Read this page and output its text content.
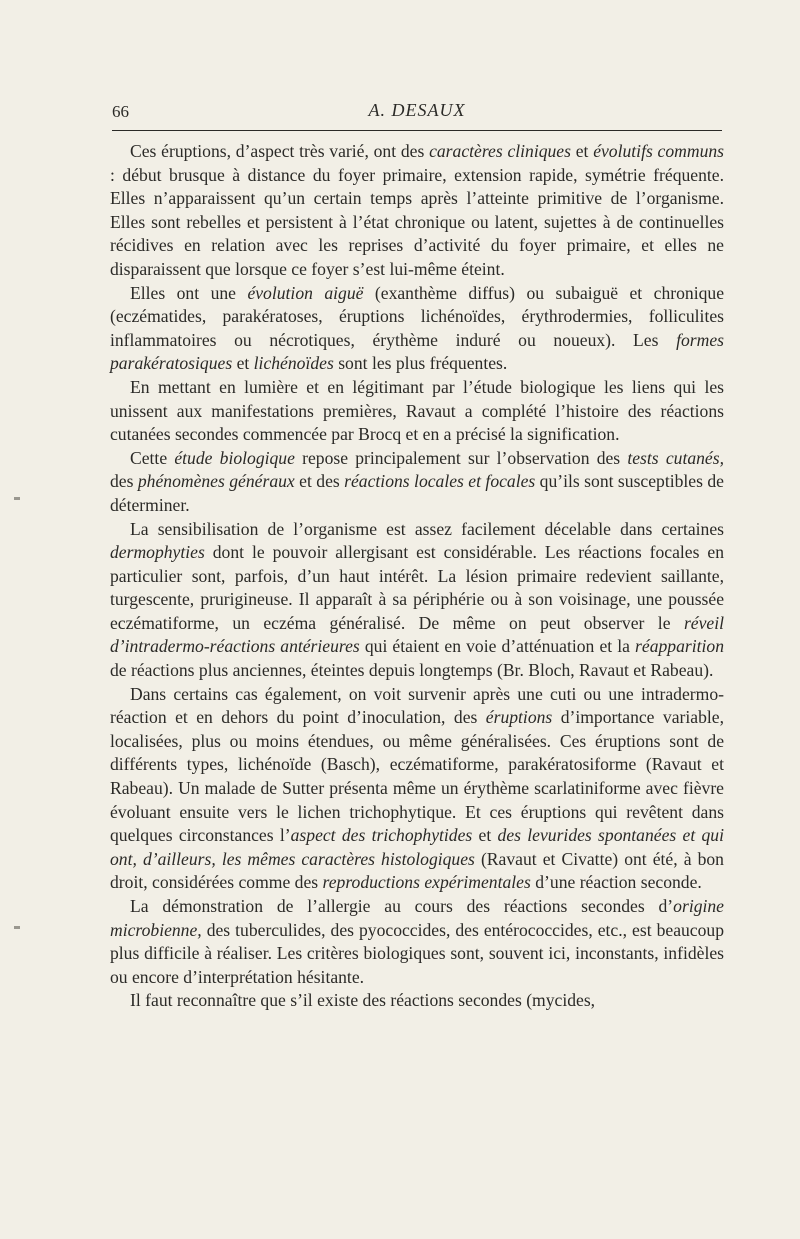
66	A. DESAUX

Ces éruptions, d’aspect très varié, ont des caractères cliniques et évolutifs communs : début brusque à distance du foyer primaire, extension rapide, symétrie fréquente. Elles n’apparaissent qu’un certain temps après l’atteinte primitive de l’organisme. Elles sont rebelles et persistent à l’état chronique ou latent, sujettes à de continuelles récidives en relation avec les reprises d’activité du foyer primaire, et elles ne disparaissent que lorsque ce foyer s’est lui-même éteint.

Elles ont une évolution aiguë (exanthème diffus) ou subaiguë et chronique (eczématides, parakératoses, éruptions lichénoïdes, érythrodermies, folliculites inflammatoires ou nécrotiques, érythème induré ou noueux). Les formes parakératosiques et lichénoïdes sont les plus fréquentes.

En mettant en lumière et en légitimant par l’étude biologique les liens qui les unissent aux manifestations premières, Ravaut a complété l’histoire des réactions cutanées secondes commencée par Brocq et en a précisé la signification.

Cette étude biologique repose principalement sur l’observation des tests cutanés, des phénomènes généraux et des réactions locales et focales qu’ils sont susceptibles de déterminer.

La sensibilisation de l’organisme est assez facilement décelable dans certaines dermophyties dont le pouvoir allergisant est considérable. Les réactions focales en particulier sont, parfois, d’un haut intérêt. La lésion primaire redevient saillante, turgescente, prurigineuse. Il apparaît à sa périphérie ou à son voisinage, une poussée eczématiforme, un eczéma généralisé. De même on peut observer le réveil d’intradermo-réactions antérieures qui étaient en voie d’atténuation et la réapparition de réactions plus anciennes, éteintes depuis longtemps (Br. Bloch, Ravaut et Rabeau).

Dans certains cas également, on voit survenir après une cuti ou une intradermo-réaction et en dehors du point d’inoculation, des éruptions d’importance variable, localisées, plus ou moins étendues, ou même généralisées. Ces éruptions sont de différents types, lichénoïde (Basch), eczématiforme, parakératosiforme (Ravaut et Rabeau). Un malade de Sutter présenta même un érythème scarlatiniforme avec fièvre évoluant ensuite vers le lichen trichophytique. Et ces éruptions qui revêtent dans quelques circonstances l’aspect des trichophytides et des levurides spontanées et qui ont, d’ailleurs, les mêmes caractères histologiques (Ravaut et Civatte) ont été, à bon droit, considérées comme des reproductions expérimentales d’une réaction seconde.

La démonstration de l’allergie au cours des réactions secondes d’origine microbienne, des tuberculides, des pyococcides, des entérococcides, etc., est beaucoup plus difficile à réaliser. Les critères biologiques sont, souvent ici, inconstants, infidèles ou encore d’interprétation hésitante.

Il faut reconnaître que s’il existe des réactions secondes (mycides,
